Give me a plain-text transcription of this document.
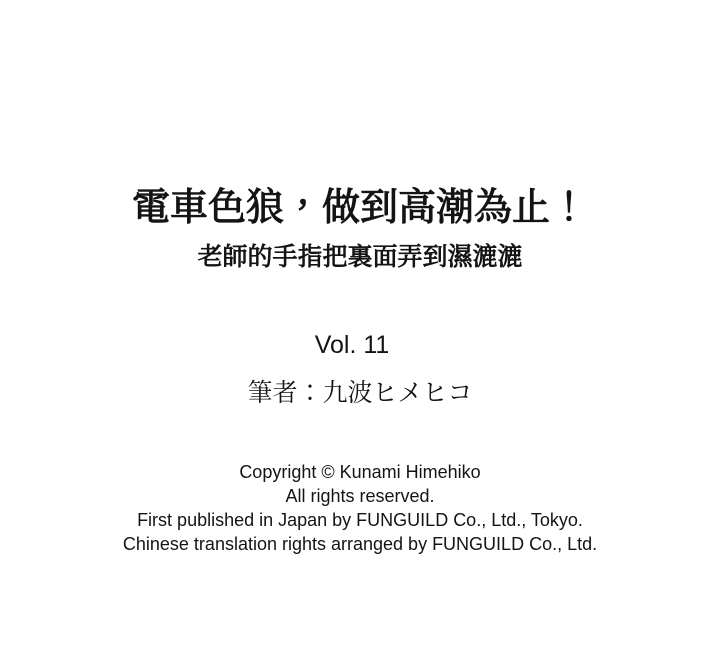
電車色狼，做到高潮為止！
老師的手指把裏面弄到濕漉漉
Vol. 11
筆者：九波ヒメヒコ
Copyright © Kunami Himehiko
All rights reserved.
First published in Japan by FUNGUILD Co., Ltd., Tokyo.
Chinese translation rights arranged by FUNGUILD Co., Ltd.
